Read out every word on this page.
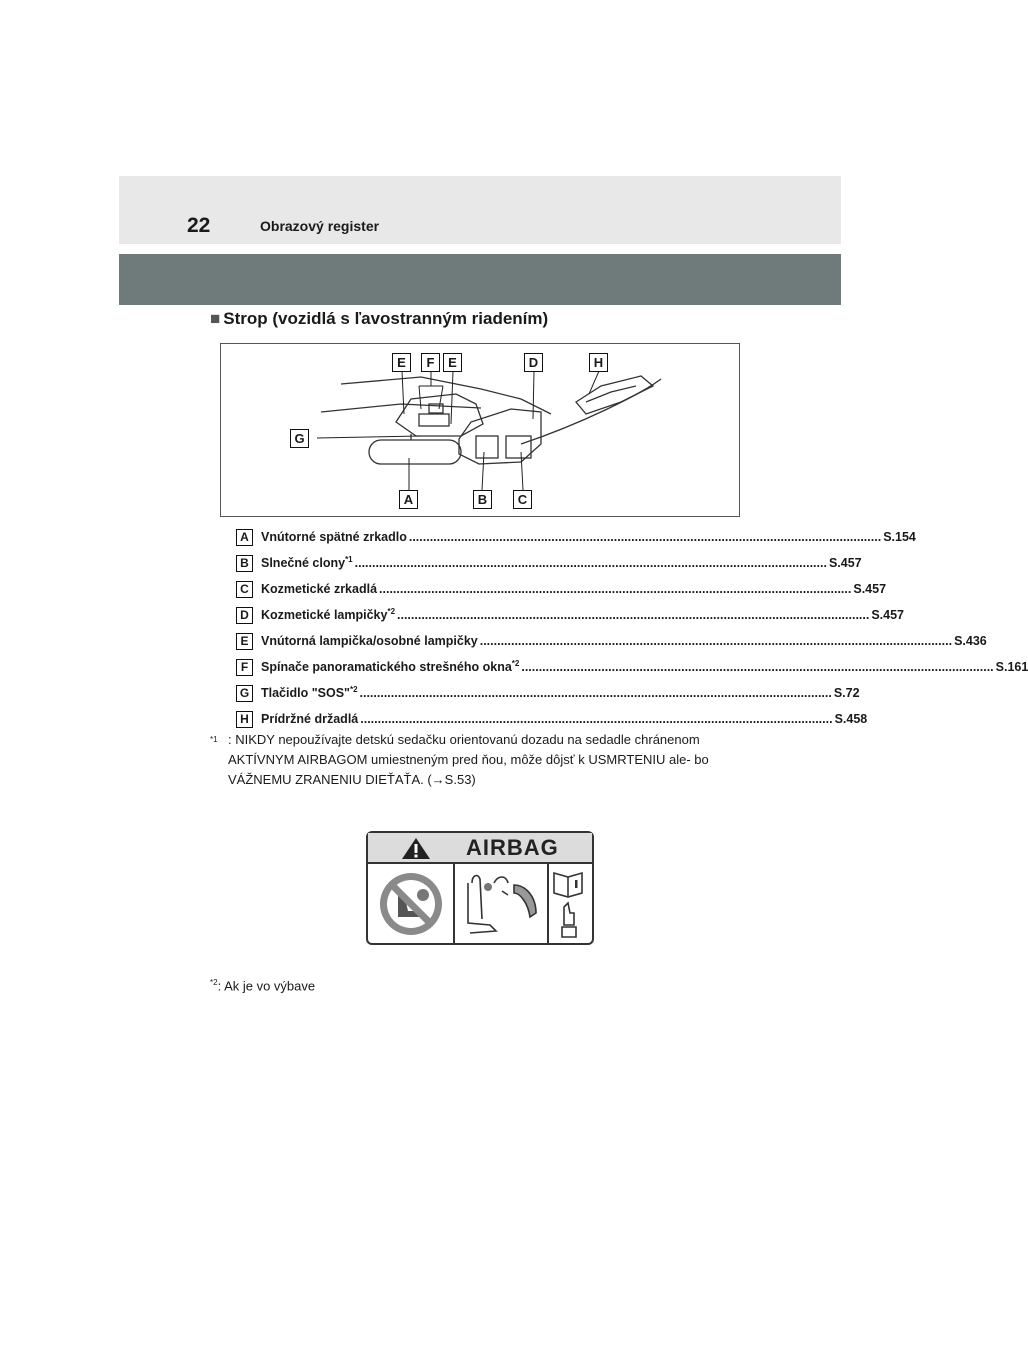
22	Obrazový register
■ Strop (vozidlá s ľavostranným riadením)
E	F	E	D	H
G
A	B	C
A Vnútorné spätné zrkadlo ........................................................................................................................................ S.154
B Slnečné clony$^{*1}$ ........................................................................................................................................ S.457
C Kozmetické zrkadlá ........................................................................................................................................ S.457
D Kozmetické lampičky$^{*2}$ ........................................................................................................................................ S.457
E	Vnútorná lampička/osobné lampičky ........................................................................................................................................ S.436
F	Spínače panoramatického strešného okna$^{*2}$ ........................................................................................................................................ S.161
G Tlačidlo "SOS"$^{*2}$ ........................................................................................................................................ S.72
H Prídržné držadlá ........................................................................................................................................ S.458
*1 : NIKDY nepoužívajte detskú sedačku orientovanú dozadu na sedadle chránenom AKTÍVNYM AIRBAGOM umiestneným pred ňou, môže dôjsť k USMRTENIU ale- bo VÁŽNEMU ZRANENIU DIEŤAŤA. (→S.53)
AIRBAG
$^{*2}$: Ak je vo výbave
